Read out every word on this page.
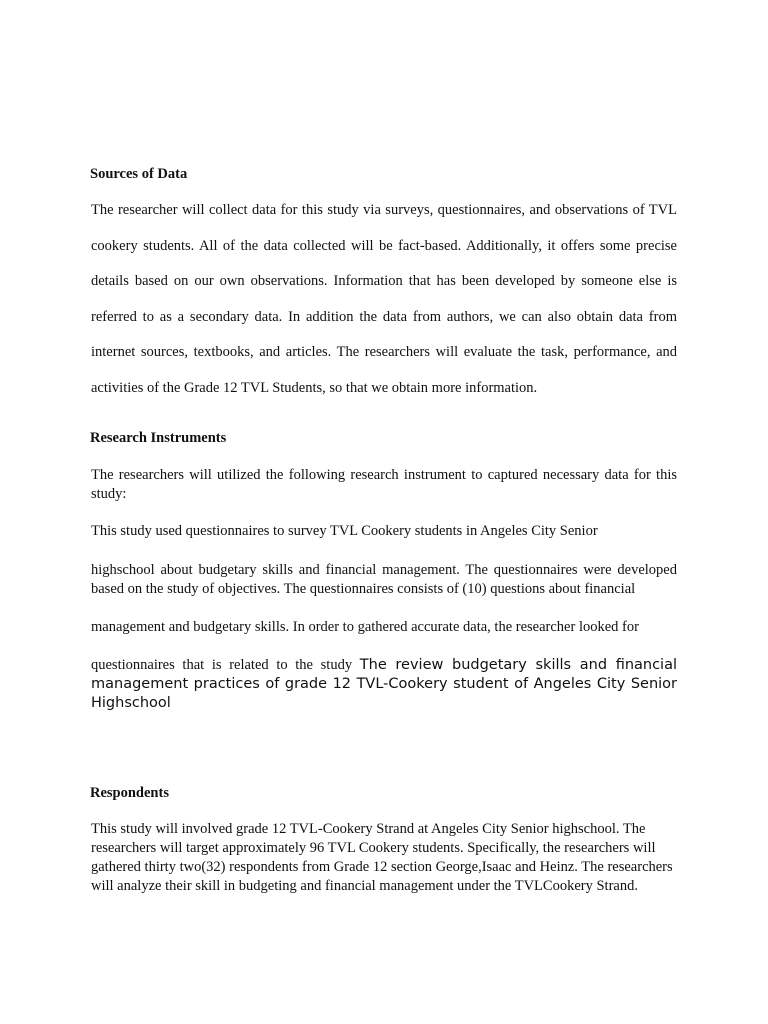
Sources of Data

The researcher will collect data for this study via surveys, questionnaires, and observations of TVL cookery students. All of the data collected will be fact-based. Additionally, it offers some precise details based on our own observations. Information that has been developed by someone else is referred to as a secondary data. In addition the data from authors, we can also obtain data from internet sources, textbooks, and articles. The researchers will evaluate the task, performance, and activities of the Grade 12 TVL Students, so that we obtain more information.

Research Instruments

The researchers will utilized the following research instrument to captured necessary data for this study:

This study used questionnaires to survey TVL Cookery students in Angeles City Senior

highschool about budgetary skills and financial management. The questionnaires were developed based on the study of objectives. The questionnaires consists of (10) questions about financial

management and budgetary skills. In order to gathered accurate data, the researcher looked for

questionnaires that is related to the study The review budgetary skills and financial management practices of grade 12 TVL-Cookery student of Angeles City Senior Highschool

Respondents

This study will involved grade 12 TVL-Cookery Strand at Angeles City Senior highschool. The researchers will target approximately 96 TVL Cookery students. Specifically, the researchers will gathered thirty two(32) respondents from Grade 12 section George,Isaac and Heinz. The researchers will analyze their skill in budgeting and financial management under the TVLCookery Strand.
